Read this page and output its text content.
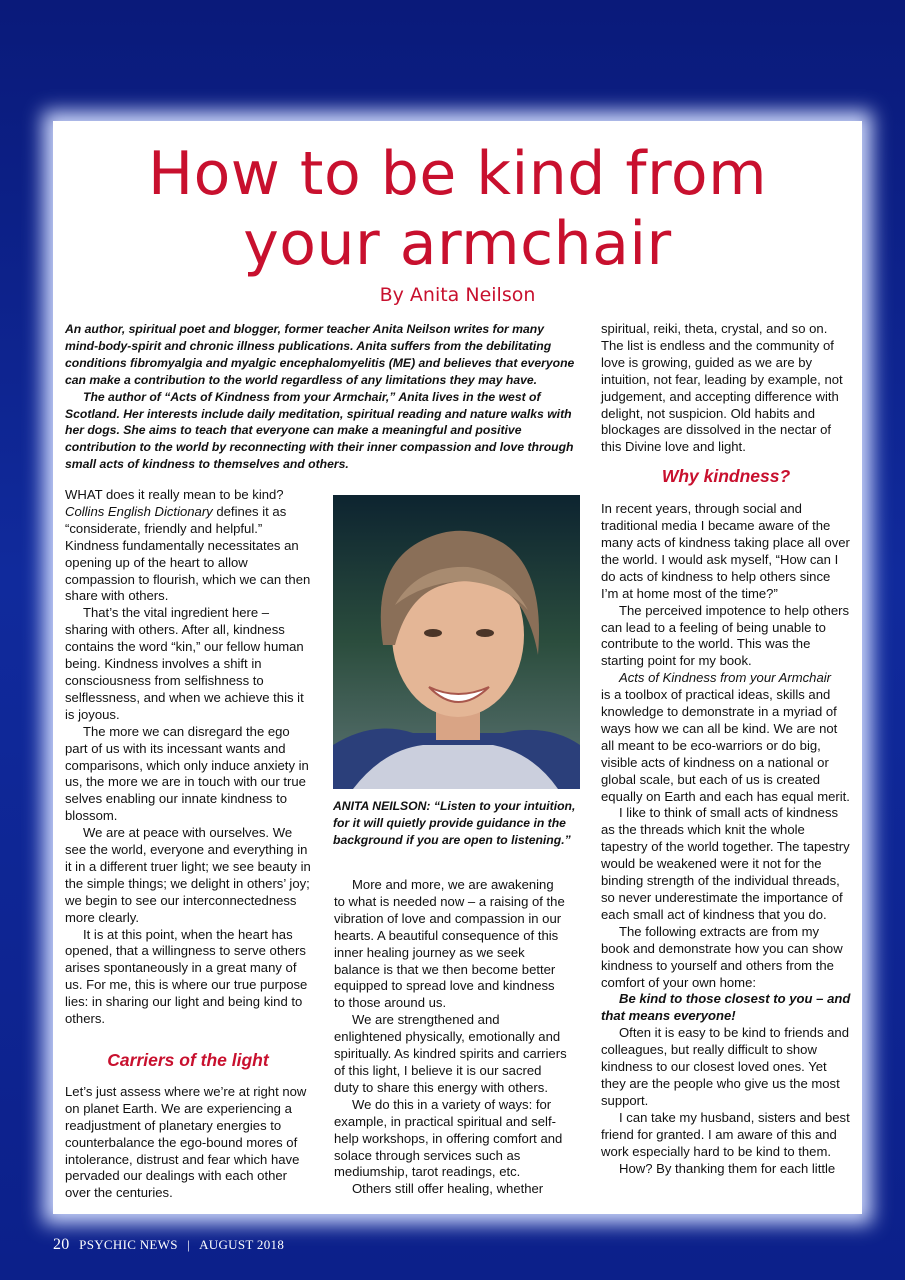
How to be kind from
your armchair

By Anita Neilson

An author, spiritual poet and blogger, former teacher Anita Neilson writes for many mind-body-spirit and chronic illness publications. Anita suffers from the debilitating conditions fibromyalgia and myalgic encephalomyelitis (ME) and believes that everyone can make a contribution to the world regardless of any limitations they may have.

The author of “Acts of Kindness from your Armchair,” Anita lives in the west of Scotland. Her interests include daily meditation, spiritual reading and nature walks with her dogs. She aims to teach that everyone can make a meaningful and positive contribution to the world by reconnecting with their inner compassion and love through small acts of kindness to themselves and others.

WHAT does it really mean to be kind?
Collins English Dictionary defines it as “considerate, friendly and helpful.” Kindness fundamentally necessitates an opening up of the heart to allow compassion to flourish, which we can then share with others.

That’s the vital ingredient here – sharing with others. After all, kindness contains the word “kin,” our fellow human being. Kindness involves a shift in consciousness from selfishness to selflessness, and when we achieve this it is joyous.

The more we can disregard the ego part of us with its incessant wants and comparisons, which only induce anxiety in us, the more we are in touch with our true selves enabling our innate kindness to blossom.

We are at peace with ourselves. We see the world, everyone and everything in it in a different truer light; we see beauty in the simple things; we delight in others’ joy; we begin to see our interconnectedness more clearly.

It is at this point, when the heart has opened, that a willingness to serve others arises spontaneously in a great many of us. For me, this is where our true purpose lies: in sharing our light and being kind to others.

Carriers of the light

Let’s just assess where we’re at right now on planet Earth. We are experiencing a readjustment of planetary energies to counterbalance the ego-bound mores of intolerance, distrust and fear which have pervaded our dealings with each other over the centuries.

ANITA NEILSON: “Listen to your intuition, for it will quietly provide guidance in the background if you are open to listening.”

More and more, we are awakening to what is needed now – a raising of the vibration of love and compassion in our hearts. A beautiful consequence of this inner healing journey as we seek balance is that we then become better equipped to spread love and kindness to those around us.

We are strengthened and enlightened physically, emotionally and spiritually. As kindred spirits and carriers of this light, I believe it is our sacred duty to share this energy with others.

We do this in a variety of ways: for example, in practical spiritual and self-help workshops, in offering comfort and solace through services such as mediumship, tarot readings, etc.

Others still offer healing, whether

spiritual, reiki, theta, crystal, and so on. The list is endless and the community of love is growing, guided as we are by intuition, not fear, leading by example, not judgement, and accepting difference with delight, not suspicion. Old habits and blockages are dissolved in the nectar of this Divine love and light.

Why kindness?

In recent years, through social and traditional media I became aware of the many acts of kindness taking place all over the world. I would ask myself, “How can I do acts of kindness to help others since I’m at home most of the time?”

The perceived impotence to help others can lead to a feeling of being unable to contribute to the world. This was the starting point for my book.

Acts of Kindness from your Armchair
is a toolbox of practical ideas, skills and knowledge to demonstrate in a myriad of ways how we can all be kind. We are not all meant to be eco-warriors or do big, visible acts of kindness on a national or global scale, but each of us is created equally on Earth and each has equal merit.

I like to think of small acts of kindness as the threads which knit the whole tapestry of the world together. The tapestry would be weakened were it not for the binding strength of the individual threads, so never underestimate the importance of each small act of kindness that you do.

The following extracts are from my book and demonstrate how you can show kindness to yourself and others from the comfort of your own home:

Be kind to those closest to you – and that means everyone!

Often it is easy to be kind to friends and colleagues, but really difficult to show kindness to our closest loved ones. Yet they are the people who give us the most support.

I can take my husband, sisters and best friend for granted. I am aware of this and work especially hard to be kind to them.

How? By thanking them for each little

20 PSYCHIC NEWS | AUGUST 2018
